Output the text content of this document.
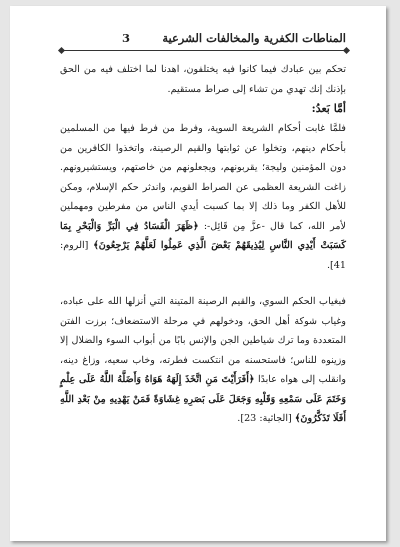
المناطات الكفرية والمخالفات الشرعية
3

تحكم بين عبادك فيما كانوا فيه يختلفون، اهدنا لما اختلف فيه من الحق بإذنك إنك تهدي من تشاء إلى صراط مستقيم.

أمَّا بَعدُ:

فلمَّا غابت أحكام الشريعة السوية، وفرط من فرط فيها من المسلمين بأحكام دينهم، وتخلوا عن ثوابتها والقيم الرصينة، واتخذوا الكافرين من دون المؤمنين وليجة؛ يقربونهم، ويجعلونهم من خاصتهم، ويستشيرونهم. زاغت الشريعة العظمى عن الصراط القويم، واندثر حكم الإسلام، ومكن للأهل الكفر وما ذلك إلا بما كسبت أيدي الناس من مفرطين ومهملين لأمر الله، كما قال -عزَّ مِن قَائِل-: ﴿ظَهَرَ الْفَسَادُ فِي الْبَرِّ وَالْبَحْرِ بِمَا كَسَبَتْ أَيْدِي النَّاسِ لِيُذِيقَهُمْ بَعْضَ الَّذِي عَمِلُوا لَعَلَّهُمْ يَرْجِعُونَ﴾ [الروم: 41].

فبغياب الحكم السوي، والقيم الرصينة المتينة التي أنزلها الله على عباده، وغياب شوكة أهل الحق، ودخولهم في مرحلة الاستضعاف؛ برزت الفتن المتعددة وما ترك شياطين الجن والإنس بابًا من أبواب السوء والضلال إلا وزينوه للناس؛ فاستحسنه من انتكست فطرته، وخاب سعيه، وزاغ دينه، وانقلب إلى هواه عابدًا ﴿أَفَرَأَيْتَ مَنِ اتَّخَذَ إِلَهَهُ هَوَاهُ وَأَضَلَّهُ اللَّهُ عَلَى عِلْمٍ وَخَتَمَ عَلَى سَمْعِهِ وَقَلْبِهِ وَجَعَلَ عَلَى بَصَرِهِ غِشَاوَةً فَمَنْ يَهْدِيهِ مِنْ بَعْدِ اللَّهِ أَفَلَا تَذَكَّرُونَ﴾ [الجاثية: 23].
